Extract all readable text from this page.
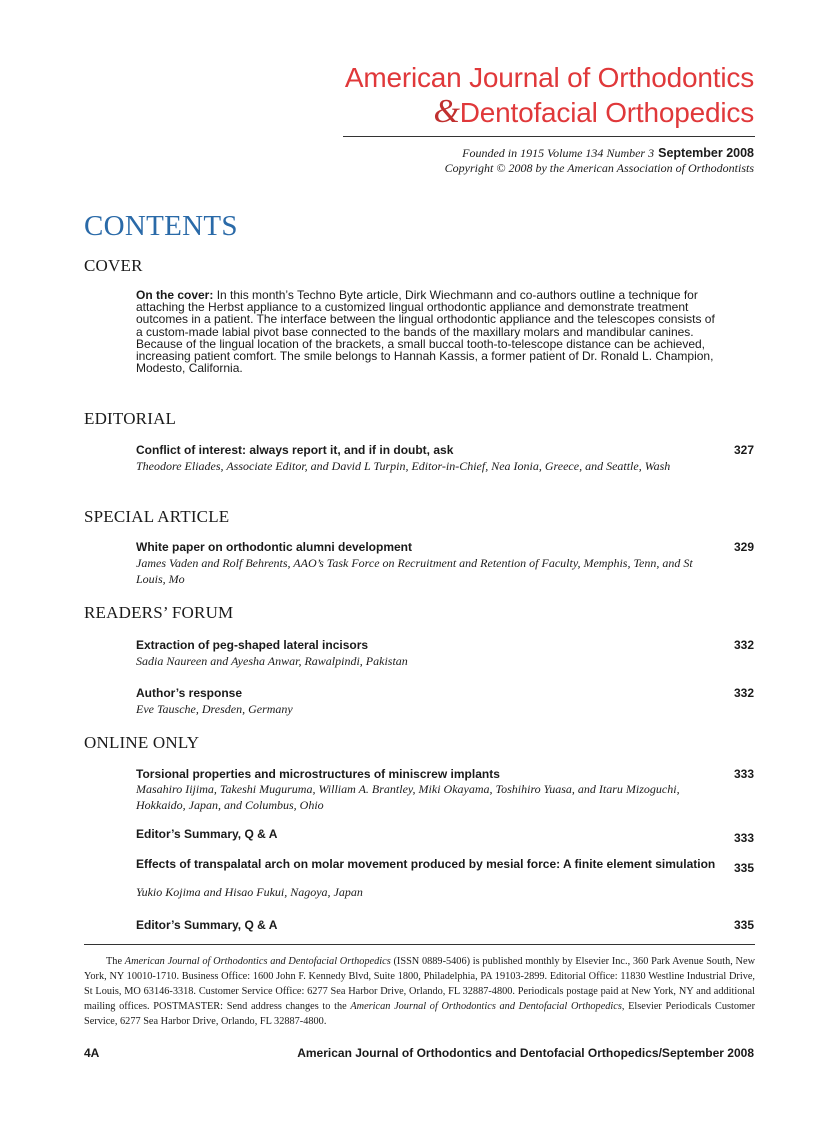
American Journal of Orthodontics
&Dentofacial Orthopedics
Founded in 1915 Volume 134 Number 3 September 2008
Copyright © 2008 by the American Association of Orthodontists
CONTENTS
COVER
On the cover: In this month’s Techno Byte article, Dirk Wiechmann and co-authors outline a technique for attaching the Herbst appliance to a customized lingual orthodontic appliance and demonstrate treatment outcomes in a patient. The interface between the lingual orthodontic appliance and the telescopes consists of a custom-made labial pivot base connected to the bands of the maxillary molars and mandibular canines. Because of the lingual location of the brackets, a small buccal tooth-to-telescope distance can be achieved, increasing patient comfort. The smile belongs to Hannah Kassis, a former patient of Dr. Ronald L. Champion, Modesto, California.
EDITORIAL
Conflict of interest: always report it, and if in doubt, ask	327
Theodore Eliades, Associate Editor, and David L Turpin, Editor-in-Chief, Nea Ionia, Greece, and Seattle, Wash
SPECIAL ARTICLE
White paper on orthodontic alumni development	329
James Vaden and Rolf Behrents, AAO’s Task Force on Recruitment and Retention of Faculty, Memphis, Tenn, and St Louis, Mo
READERS’ FORUM
Extraction of peg-shaped lateral incisors	332
Sadia Naureen and Ayesha Anwar, Rawalpindi, Pakistan
Author’s response	332
Eve Tausche, Dresden, Germany
ONLINE ONLY
Torsional properties and microstructures of miniscrew implants	333
Masahiro Iijima, Takeshi Muguruma, William A. Brantley, Miki Okayama, Toshihiro Yuasa, and Itaru Mizoguchi, Hokkaido, Japan, and Columbus, Ohio
Editor’s Summary, Q & A	333
Effects of transpalatal arch on molar movement produced by mesial force: A finite element simulation 335
Yukio Kojima and Hisao Fukui, Nagoya, Japan
Editor’s Summary, Q & A	335
The American Journal of Orthodontics and Dentofacial Orthopedics (ISSN 0889-5406) is published monthly by Elsevier Inc., 360 Park Avenue South, New York, NY 10010-1710. Business Office: 1600 John F. Kennedy Blvd, Suite 1800, Philadelphia, PA 19103-2899. Editorial Office: 11830 Westline Industrial Drive, St Louis, MO 63146-3318. Customer Service Office: 6277 Sea Harbor Drive, Orlando, FL 32887-4800. Periodicals postage paid at New York, NY and additional mailing offices. POSTMASTER: Send address changes to the American Journal of Orthodontics and Dentofacial Orthopedics, Elsevier Periodicals Customer Service, 6277 Sea Harbor Drive, Orlando, FL 32887-4800.
4A	American Journal of Orthodontics and Dentofacial Orthopedics/September 2008
